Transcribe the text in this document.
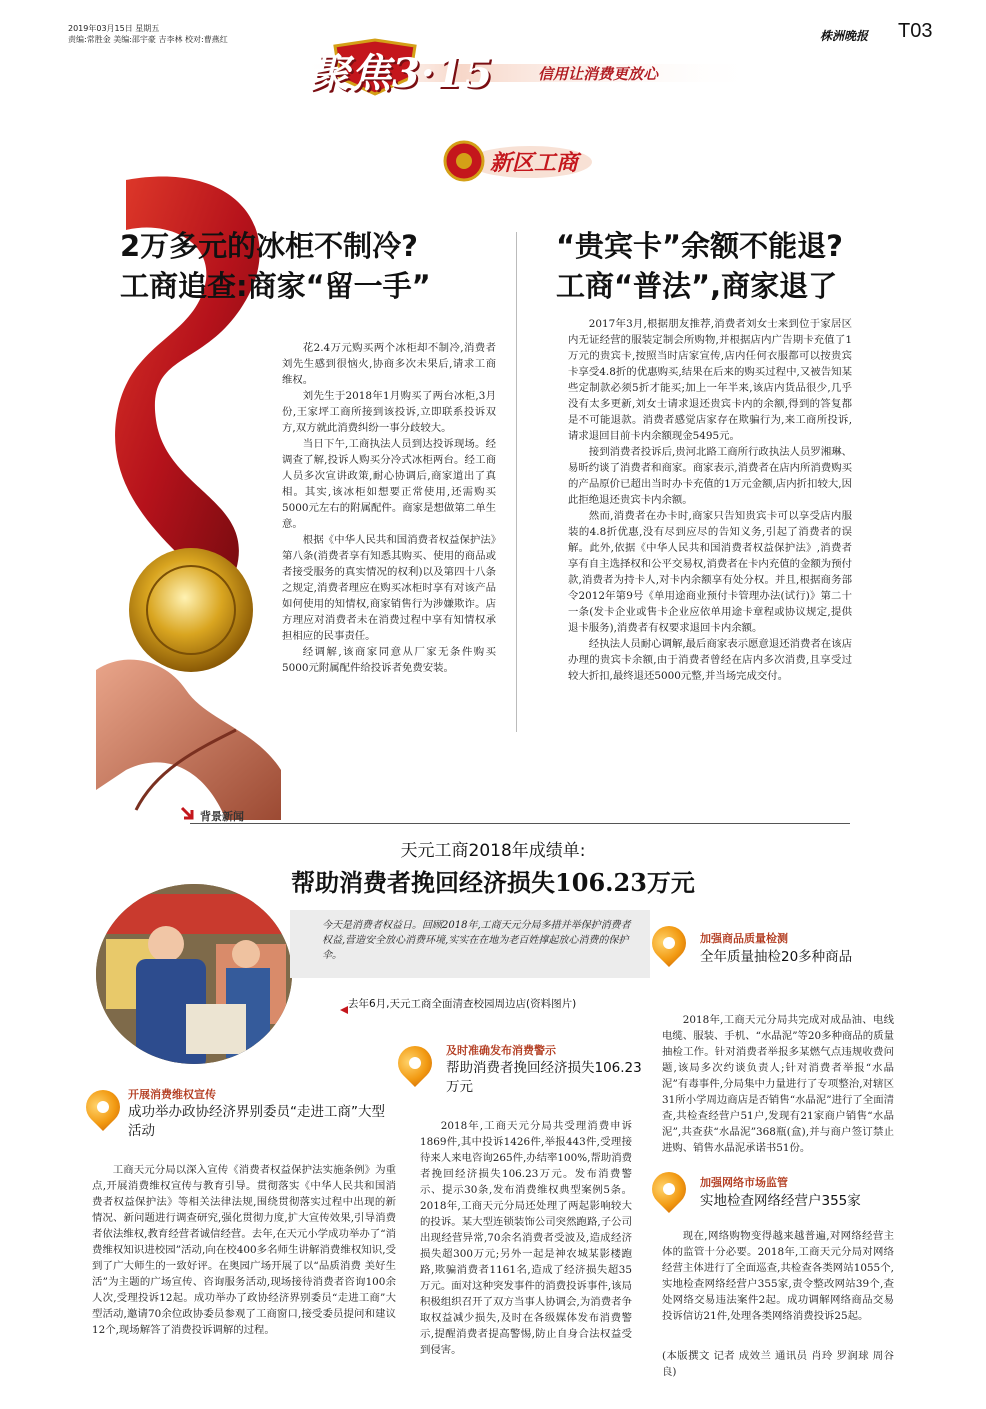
2019年03月15日 星期五
责编:常胜金 美编:邵宇豪 吉李林 校对:曹燕红	株洲晚报 T03
聚焦3·15	信用让消费更放心
新区工商
2万多元的冰柜不制冷?
工商追查:商家“留一手”

花2.4万元购买两个冰柜却不制冷,消费者刘先生感到很恼火,协商多次未果后,请求工商维权。

刘先生于2018年1月购买了两台冰柜,3月份,王家坪工商所接到该投诉,立即联系投诉双方,双方就此消费纠纷一事分歧较大。

当日下午,工商执法人员到达投诉现场。经调查了解,投诉人购买分冷式冰柜两台。经工商人员多次宣讲政策,耐心协调后,商家道出了真相。其实,该冰柜如想要正常使用,还需购买5000元左右的附属配件。商家是想做第二单生意。

根据《中华人民共和国消费者权益保护法》第八条(消费者享有知悉其购买、使用的商品或者接受服务的真实情况的权利)以及第四十八条之规定,消费者理应在购买冰柜时享有对该产品如何使用的知情权,商家销售行为涉嫌欺诈。店方理应对消费者未在消费过程中享有知情权承担相应的民事责任。

经调解,该商家同意从厂家无条件购买5000元附属配件给投诉者免费安装。

“贵宾卡”余额不能退?
工商“普法”,商家退了

2017年3月,根据朋友推荐,消费者刘女士来到位于家居区内无证经营的服装定制会所购物,并根据店内广告期卡充值了1万元的贵宾卡,按照当时店家宣传,店内任何衣服都可以按贵宾卡享受4.8折的优惠购买,结果在后来的购买过程中,又被告知某些定制款必须5折才能买;加上一年半来,该店内货品很少,几乎没有太多更新,刘女士请求退还贵宾卡内的余额,得到的答复都是不可能退款。消费者感觉店家存在欺骗行为,来工商所投诉,请求退回目前卡内余额现金5495元。

接到消费者投诉后,贵河北路工商所行政执法人员罗湘琳、易昕约谈了消费者和商家。商家表示,消费者在店内所消费购买的产品原价已超出当时办卡充值的1万元金额,店内折扣较大,因此拒绝退还贵宾卡内余额。

然而,消费者在办卡时,商家只告知贵宾卡可以享受店内服装的4.8折优惠,没有尽到应尽的告知义务,引起了消费者的误解。此外,依据《中华人民共和国消费者权益保护法》,消费者享有自主选择权和公平交易权,消费者在卡内充值的金额为预付款,消费者为持卡人,对卡内余额享有处分权。并且,根据商务部令2012年第9号《单用途商业预付卡管理办法(试行)》第二十一条(发卡企业或售卡企业应依单用途卡章程或协议规定,提供退卡服务),消费者有权要求退回卡内余额。

经执法人员耐心调解,最后商家表示愿意退还消费者在该店办理的贵宾卡余额,由于消费者曾经在店内多次消费,且享受过较大折扣,最终退还5000元整,并当场完成交付。

背景新闻
天元工商2018年成绩单:
帮助消费者挽回经济损失106.23万元
今天是消费者权益日。回顾2018年,工商天元分局多措并举保护消费者权益,营造安全放心消费环境,实实在在地为老百姓撑起放心消费的保护伞。
去年6月,天元工商全面清查校园周边店(资料图片)
开展消费维权宣传
成功举办政协经济界别委员“走进工商”大型活动

工商天元分局以深入宣传《消费者权益保护法实施条例》为重点,开展消费维权宣传与教育引导。贯彻落实《中华人民共和国消费者权益保护法》等相关法律法规,围绕贯彻落实过程中出现的新情况、新问题进行调查研究,强化贯彻力度,扩大宣传效果,引导消费者依法维权,教育经营者诚信经营。去年,在天元小学成功举办了“消费维权知识进校园”活动,向在校400多名师生讲解消费维权知识,受到了广大师生的一致好评。在奥园广场开展了以“品质消费 美好生活”为主题的广场宣传、咨询服务活动,现场接待消费者咨询100余人次,受理投诉12起。成功举办了政协经济界别委员“走进工商”大型活动,邀请70余位政协委员参观了工商窗口,接受委员提问和建议12个,现场解答了消费投诉调解的过程。

及时准确发布消费警示
帮助消费者挽回经济损失106.23万元

2018年,工商天元分局共受理消费申诉1869件,其中投诉1426件,举报443件,受理接待来人来电咨询265件,办结率100%,帮助消费者挽回经济损失106.23万元。发布消费警示、提示30条,发布消费维权典型案例5条。2018年,工商天元分局还处理了两起影响较大的投诉。某大型连锁装饰公司突然跑路,子公司出现经营异常,70余名消费者受波及,造成经济损失超300万元;另外一起是神农城某影楼跑路,欺骗消费者1161名,造成了经济损失超35万元。面对这种突发事件的消费投诉事件,该局积极组织召开了双方当事人协调会,为消费者争取权益减少损失,及时在各级媒体发布消费警示,提醒消费者提高警惕,防止自身合法权益受到侵害。

加强商品质量检测
全年质量抽检20多种商品

2018年,工商天元分局共完成对成品油、电线电缆、服装、手机、“水晶泥”等20多种商品的质量抽检工作。针对消费者举报多某燃气点违规收费问题,该局多次约谈负责人;针对消费者举报“水晶泥”有毒事件,分局集中力量进行了专项整治,对辖区31所小学周边商店是否销售“水晶泥”进行了全面清查,共检查经营户51户,发现有21家商户销售“水晶泥”,共查获“水晶泥”368瓶(盒),并与商户签订禁止进购、销售水晶泥承诺书51份。

加强网络市场监管
实地检查网络经营户355家

现在,网络购物变得越来越普遍,对网络经营主体的监管十分必要。2018年,工商天元分局对网络经营主体进行了全面巡查,共检查各类网站1055个,实地检查网络经营户355家,责令整改网站39个,查处网络交易违法案件2起。成功调解网络商品交易投诉信访21件,处理各类网络消费投诉25起。

(本版撰文 记者 成效兰 通讯员 肖玲 罗润球 周谷良)
